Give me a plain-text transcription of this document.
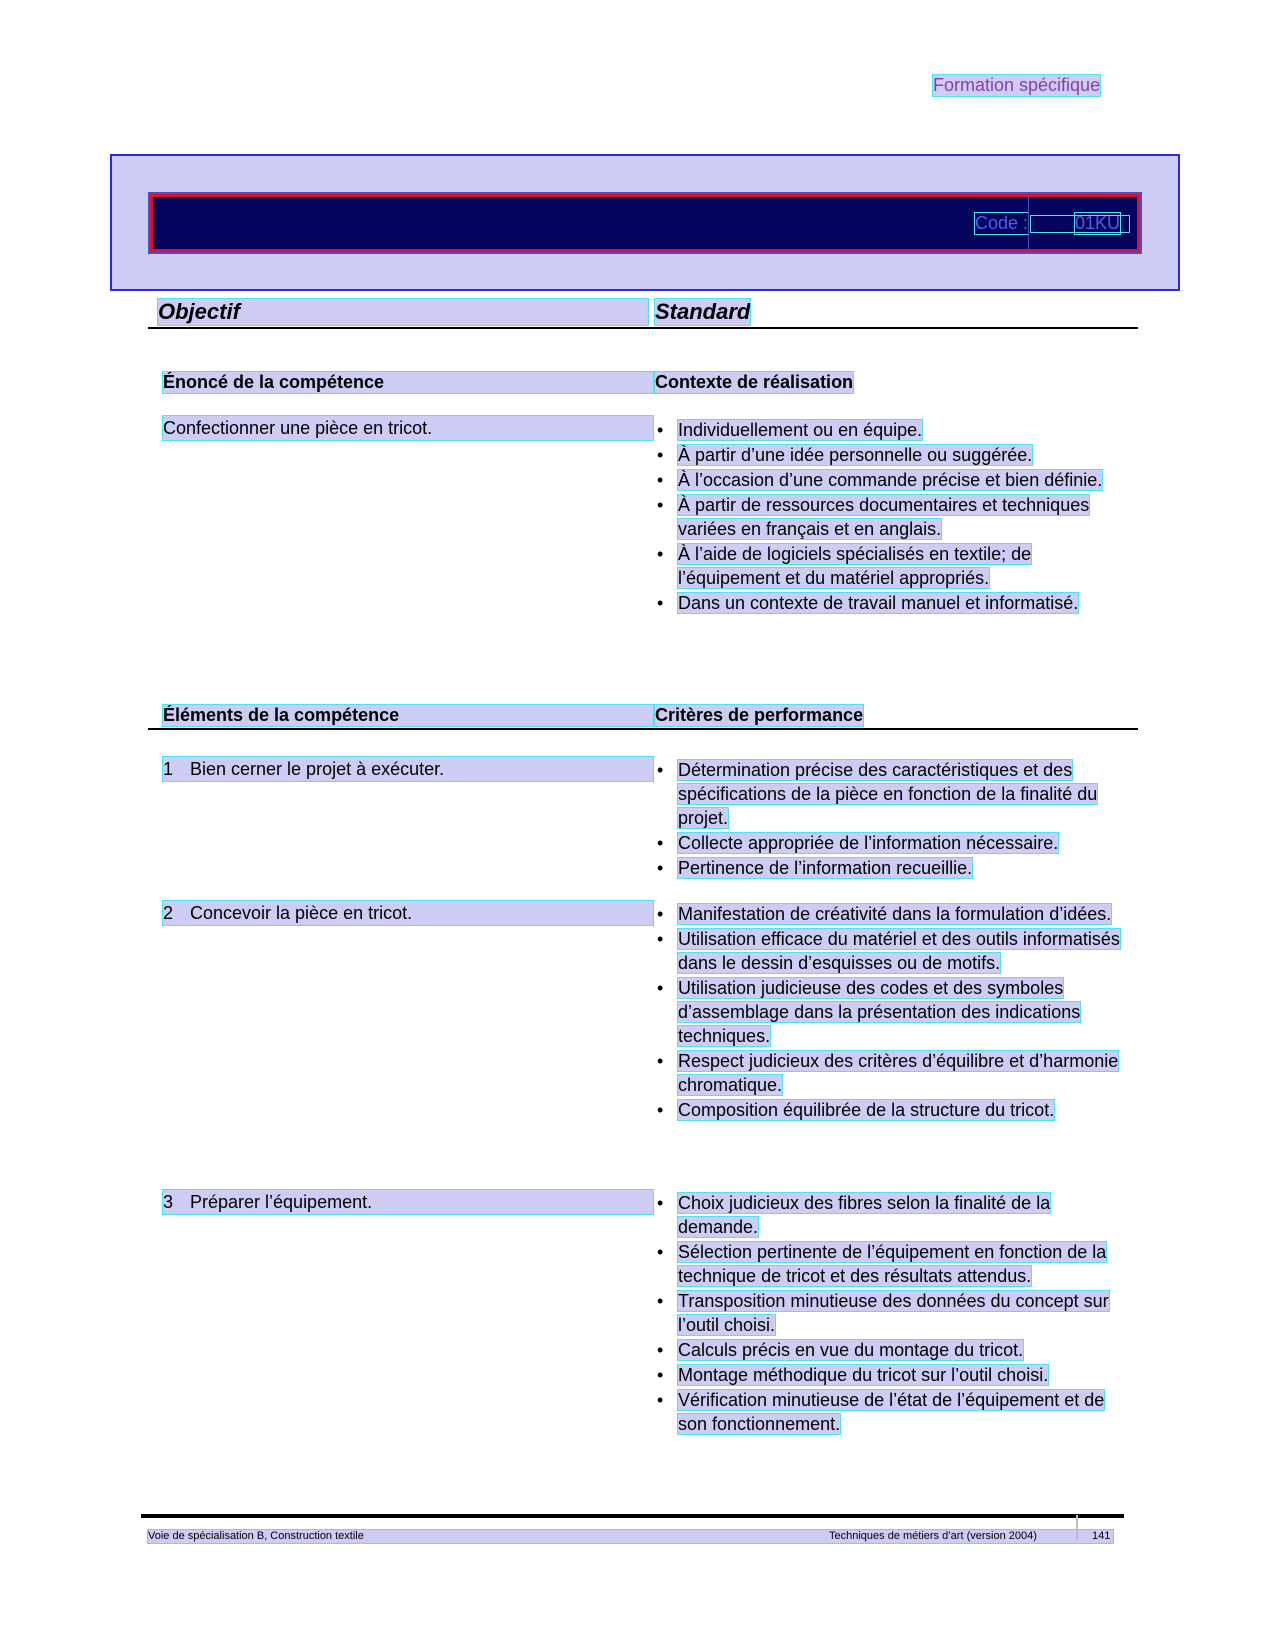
Formation spécifique
Code :	01KU
Objectif	Standard
Énoncé de la compétence	Contexte de réalisation
Confectionner une pièce en tricot.	• Individuellement ou en équipe.
• À partir d’une idée personnelle ou suggérée.
• À l’occasion d’une commande précise et bien définie.
• À partir de ressources documentaires et techniques variées en français et en anglais.
• À l’aide de logiciels spécialisés en textile; de l’équipement et du matériel appropriés.
• Dans un contexte de travail manuel et informatisé.
Éléments de la compétence	Critères de performance
1 Bien cerner le projet à exécuter.	• Détermination précise des caractéristiques et des spécifications de la pièce en fonction de la finalité du projet.
• Collecte appropriée de l’information nécessaire.
• Pertinence de l’information recueillie.
2 Concevoir la pièce en tricot.	• Manifestation de créativité dans la formulation d’idées.
• Utilisation efficace du matériel et des outils informatisés dans le dessin d’esquisses ou de motifs.
• Utilisation judicieuse des codes et des symboles d’assemblage dans la présentation des indications techniques.
• Respect judicieux des critères d’équilibre et d’harmonie chromatique.
• Composition équilibrée de la structure du tricot.
3 Préparer l’équipement.	• Choix judicieux des fibres selon la finalité de la demande.
• Sélection pertinente de l’équipement en fonction de la technique de tricot et des résultats attendus.
• Transposition minutieuse des données du concept sur l’outil choisi.
• Calculs précis en vue du montage du tricot.
• Montage méthodique du tricot sur l’outil choisi.
• Vérification minutieuse de l’état de l’équipement et de son fonctionnement.
Voie de spécialisation B, Construction textile	Techniques de métiers d’art (version 2004)	141
